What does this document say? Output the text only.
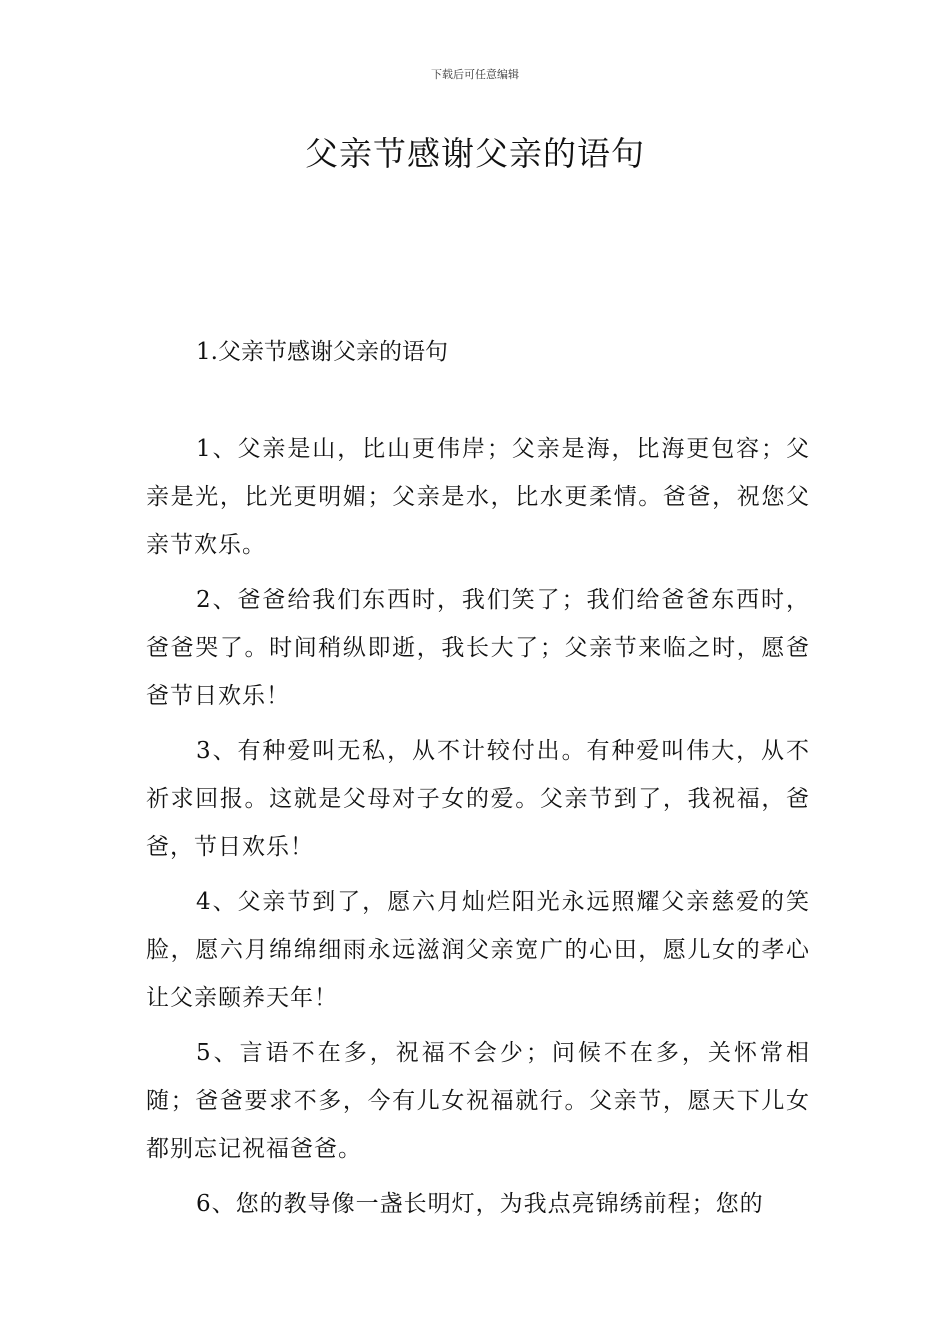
下载后可任意编辑
父亲节感谢父亲的语句
1.父亲节感谢父亲的语句

1、父亲是山，比山更伟岸；父亲是海，比海更包容；父亲是光，比光更明媚；父亲是水，比水更柔情。爸爸，祝您父亲节欢乐。

2、爸爸给我们东西时，我们笑了；我们给爸爸东西时，爸爸哭了。时间稍纵即逝，我长大了；父亲节来临之时，愿爸爸节日欢乐！

3、有种爱叫无私，从不计较付出。有种爱叫伟大，从不祈求回报。这就是父母对子女的爱。父亲节到了，我祝福，爸爸，节日欢乐！

4、父亲节到了，愿六月灿烂阳光永远照耀父亲慈爱的笑脸，愿六月绵绵细雨永远滋润父亲宽广的心田，愿儿女的孝心让父亲颐养天年！

5、言语不在多，祝福不会少；问候不在多，关怀常相随；爸爸要求不多，今有儿女祝福就行。父亲节，愿天下儿女都别忘记祝福爸爸。

6、您的教导像一盏长明灯，为我点亮锦绣前程；您的
